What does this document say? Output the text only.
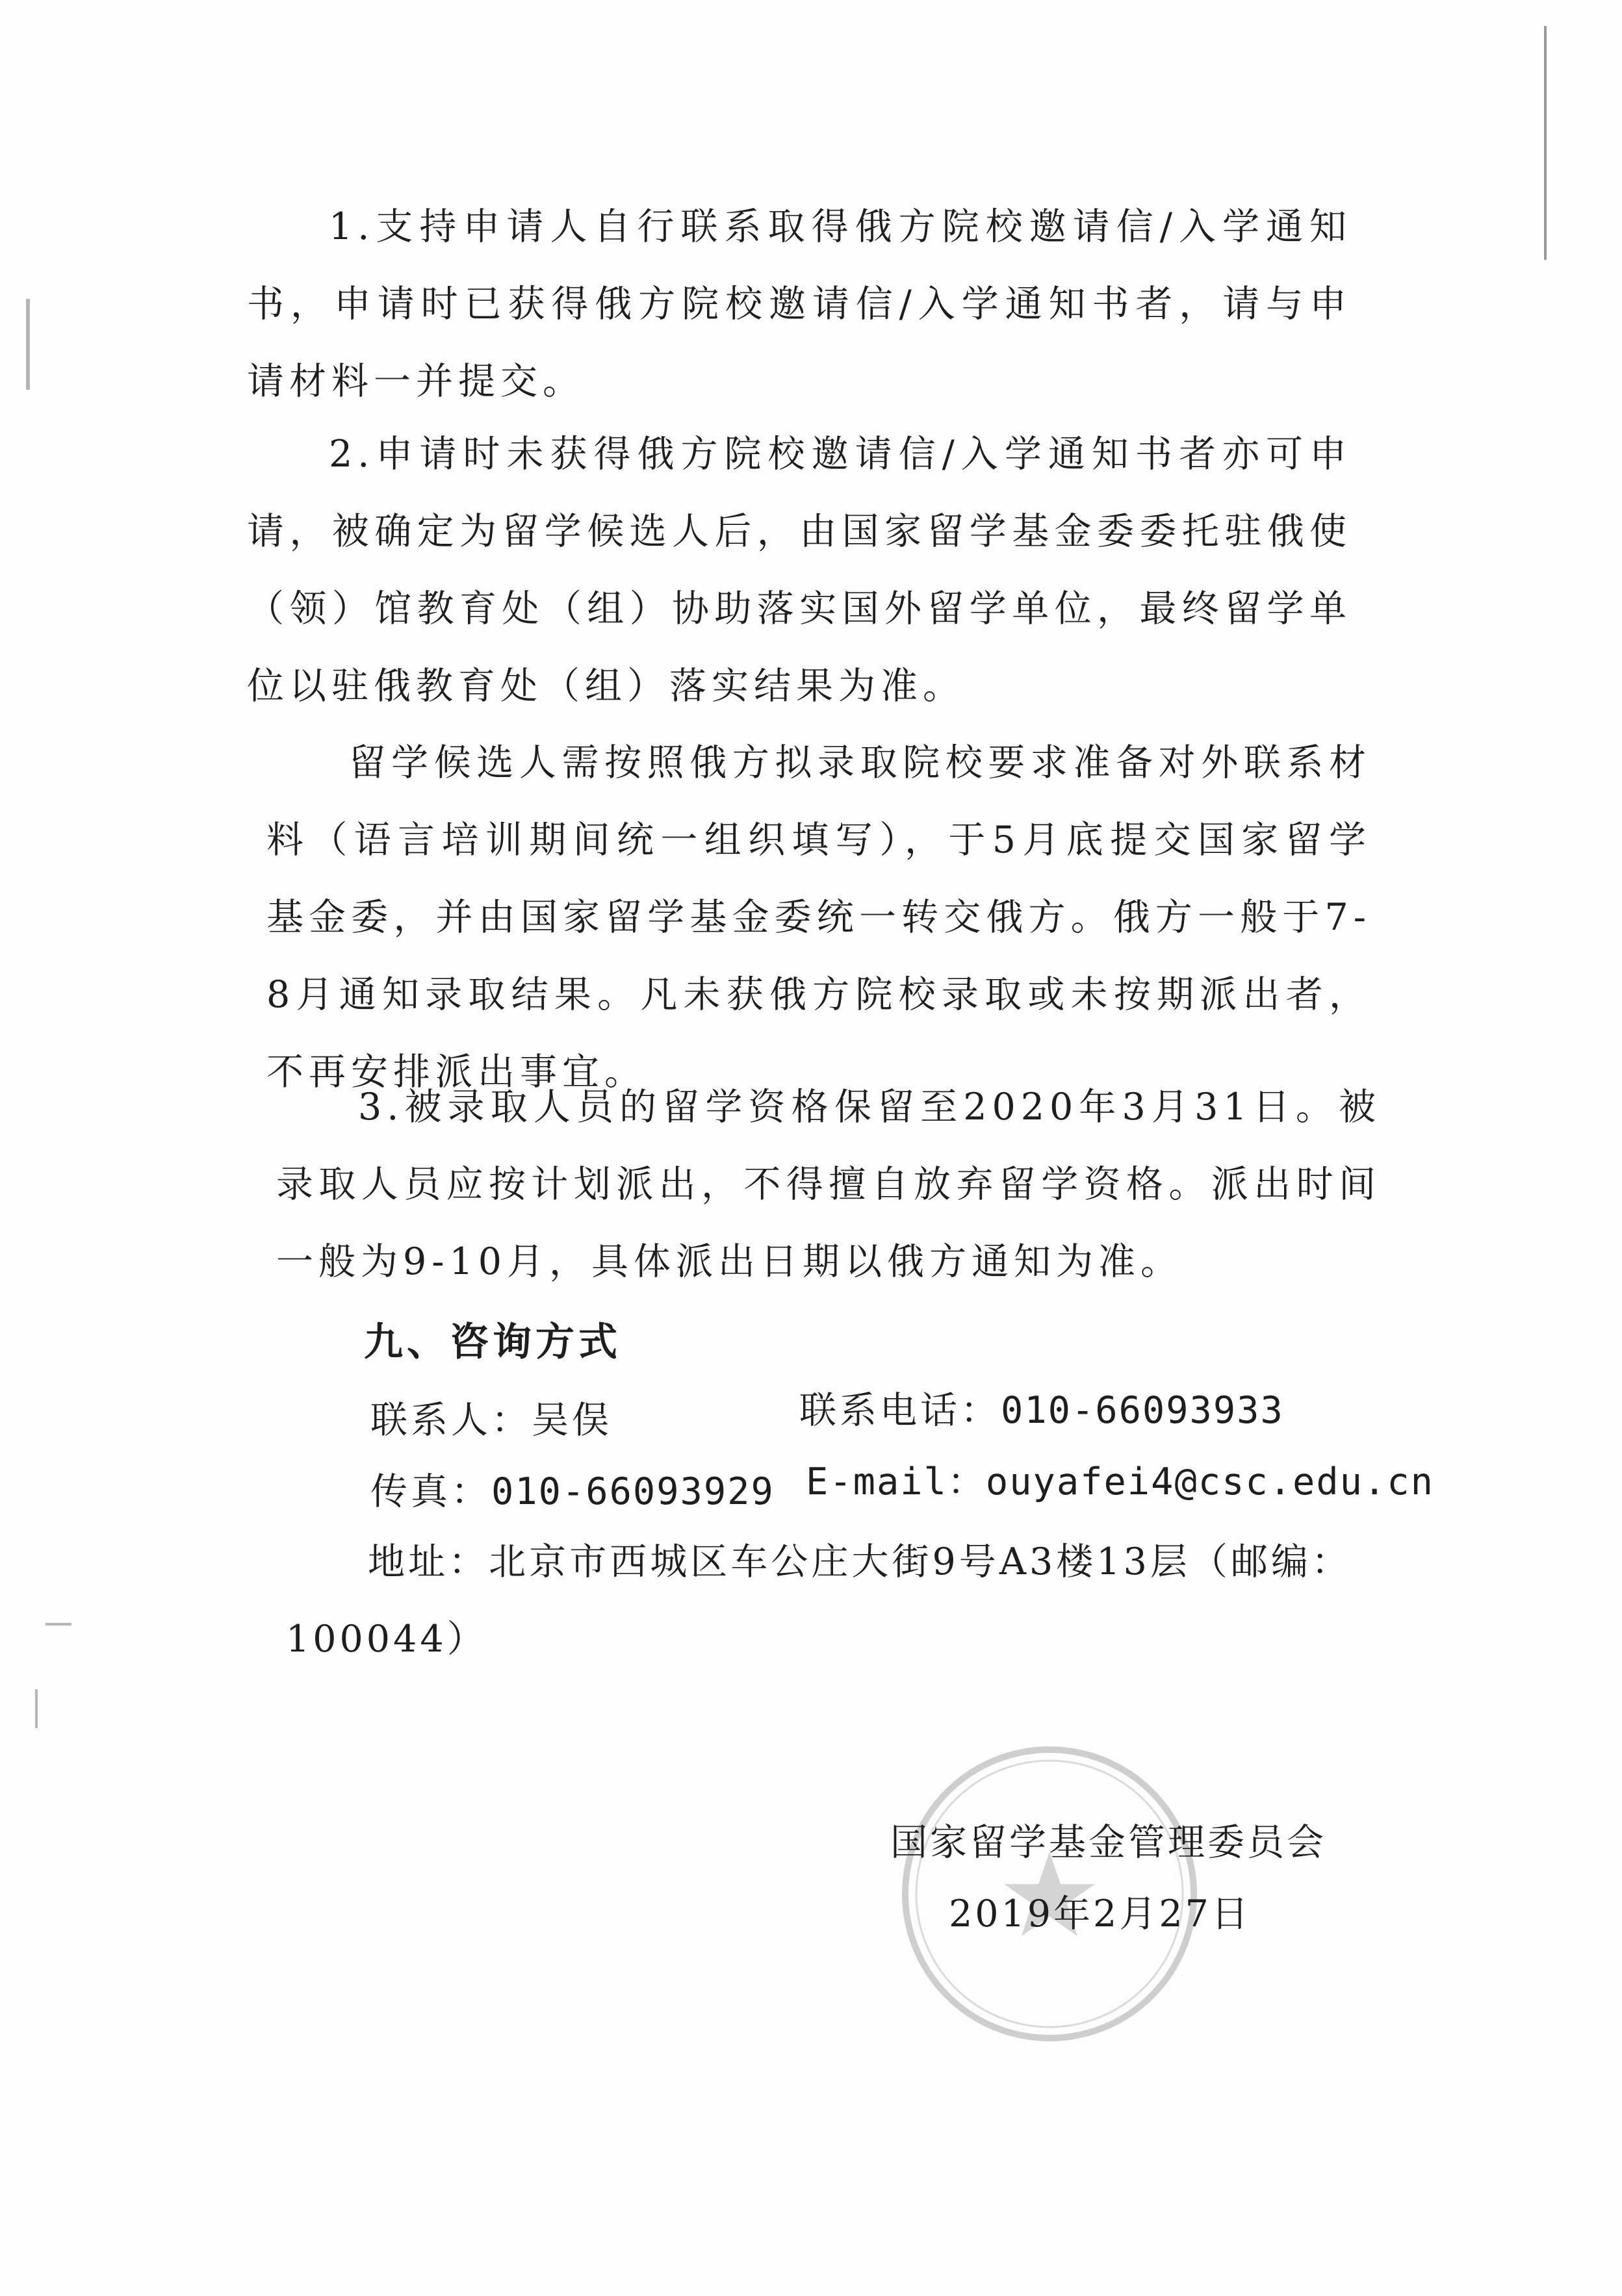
1.支持申请人自行联系取得俄方院校邀请信/入学通知书，申请时已获得俄方院校邀请信/入学通知书者，请与申请材料一并提交。

2.申请时未获得俄方院校邀请信/入学通知书者亦可申请，被确定为留学候选人后，由国家留学基金委委托驻俄使（领）馆教育处（组）协助落实国外留学单位，最终留学单位以驻俄教育处（组）落实结果为准。

留学候选人需按照俄方拟录取院校要求准备对外联系材料（语言培训期间统一组织填写），于5月底提交国家留学基金委，并由国家留学基金委统一转交俄方。俄方一般于7-8月通知录取结果。凡未获俄方院校录取或未按期派出者，不再安排派出事宜。

3.被录取人员的留学资格保留至2020年3月31日。被录取人员应按计划派出，不得擅自放弃留学资格。派出时间一般为9-10月，具体派出日期以俄方通知为准。

九、咨询方式

联系人：吴俣	联系电话：010-66093933

传真：010-66093929 E-mail：ouyafei4@csc.edu.cn

地址：北京市西城区车公庄大街9号A3楼13层（邮编：100044）

国家留学基金管理委员会

2019年2月27日
